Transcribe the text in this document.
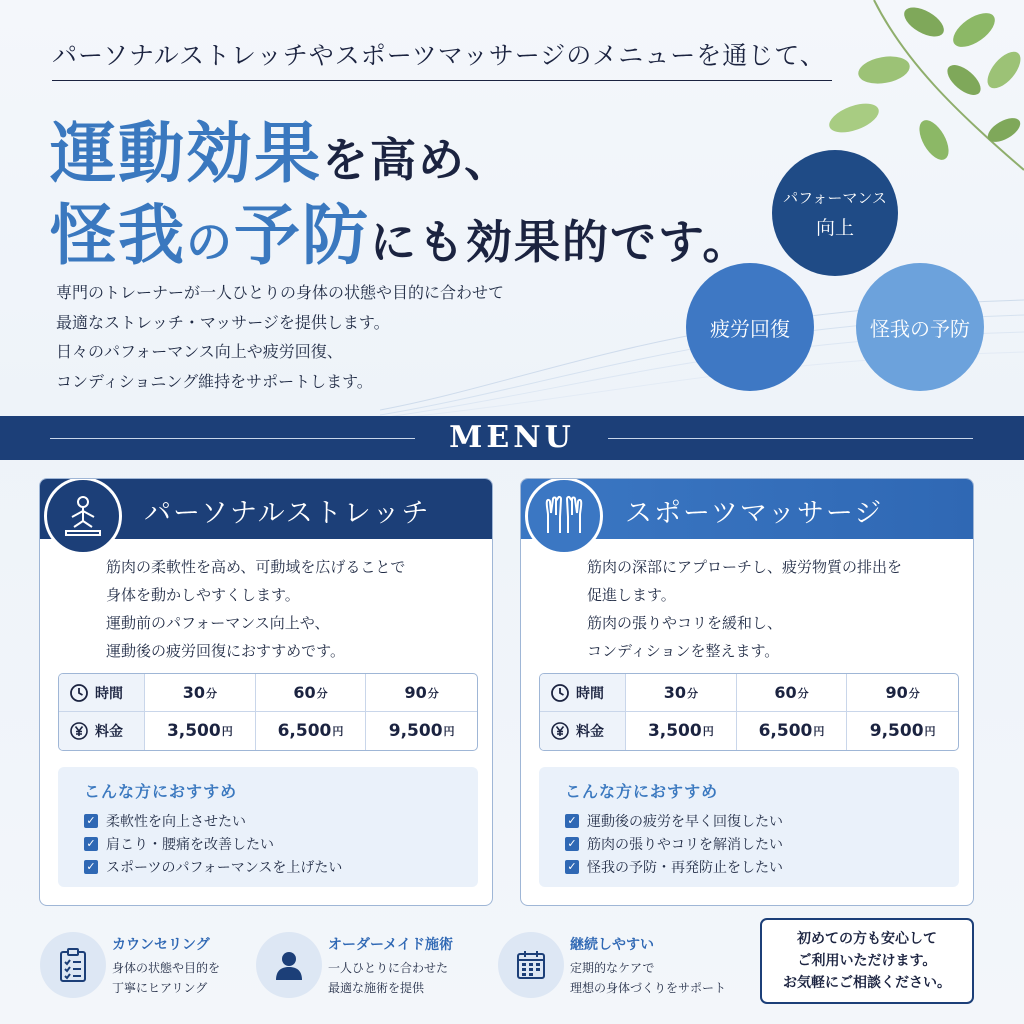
パーソナルストレッチやスポーツマッサージのメニューを通じて、
運動効果を高め、
怪我の予防にも効果的です。
専門のトレーナーが一人ひとりの身体の状態や目的に合わせて
最適なストレッチ・マッサージを提供します。
日々のパフォーマンス向上や疲労回復、
コンディショニング維持をサポートします。
パフォーマンス
向上
疲労回復	怪我の予防
MENU
パーソナルストレッチ
筋肉の柔軟性を高め、可動域を広げることで
身体を動かしやすくします。
運動前のパフォーマンス向上や、
運動後の疲労回復におすすめです。
時間	30 分	60 分	90 分
料金	3,500 円	6,500 円	9,500 円
こんな方におすすめ
✓ 柔軟性を向上させたい
✓ 肩こり・腰痛を改善したい
✓ スポーツのパフォーマンスを上げたい
スポーツマッサージ
筋肉の深部にアプローチし、疲労物質の排出を
促進します。
筋肉の張りやコリを緩和し、
コンディションを整えます。
時間	30 分	60 分	90 分
料金	3,500 円	6,500 円	9,500 円
こんな方におすすめ
✓ 運動後の疲労を早く回復したい
✓ 筋肉の張りやコリを解消したい
✓ 怪我の予防・再発防止をしたい
カウンセリング
身体の状態や目的を
丁寧にヒアリング
オーダーメイド施術
一人ひとりに合わせた
最適な施術を提供
継続しやすい
定期的なケアで
理想の身体づくりをサポート
初めての方も安心して
ご利用いただけます。
お気軽にご相談ください。
